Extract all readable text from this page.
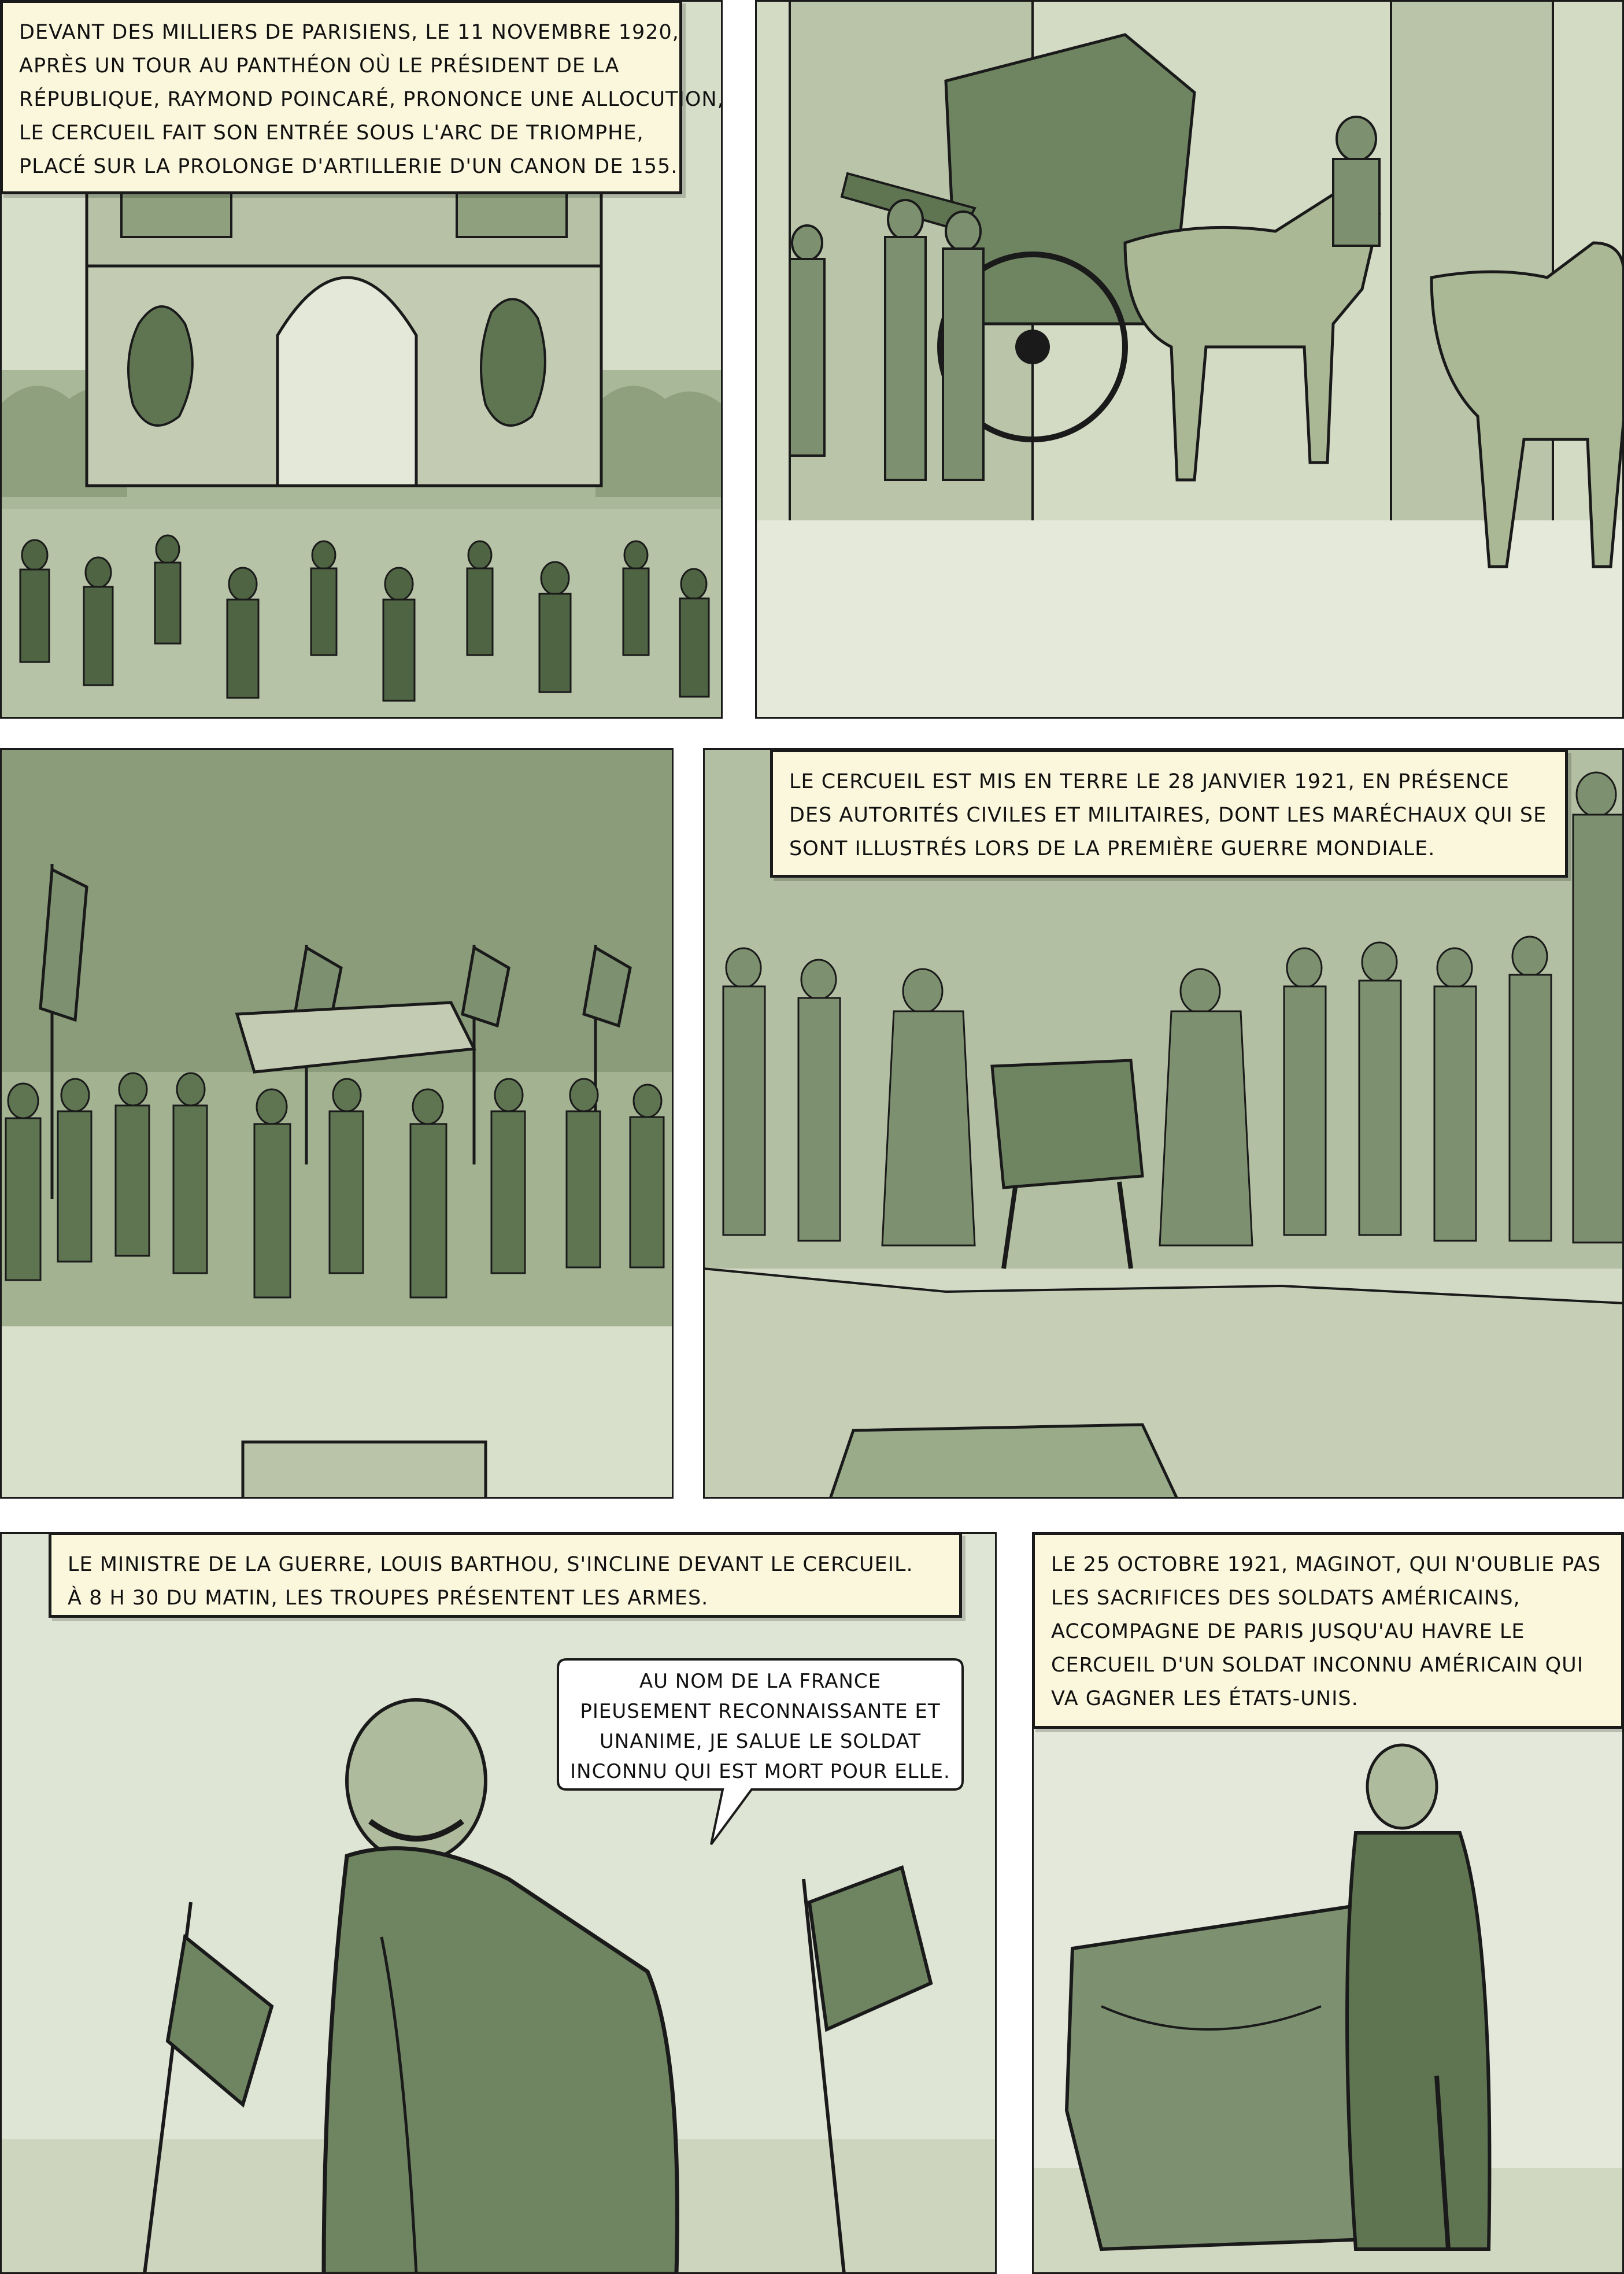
DEVANT DES MILLIERS DE PARISIENS, LE 11 NOVEMBRE 1920,
APRÈS UN TOUR AU PANTHÉON OÙ LE PRÉSIDENT DE LA
RÉPUBLIQUE, RAYMOND POINCARÉ, PRONONCE UNE ALLOCUTION,
LE CERCUEIL FAIT SON ENTRÉE SOUS L'ARC DE TRIOMPHE,
PLACÉ SUR LA PROLONGE D'ARTILLERIE D'UN CANON DE 155.
LE CERCUEIL EST MIS EN TERRE LE 28 JANVIER 1921, EN PRÉSENCE
DES AUTORITÉS CIVILES ET MILITAIRES, DONT LES MARÉCHAUX QUI SE
SONT ILLUSTRÉS LORS DE LA PREMIÈRE GUERRE MONDIALE.
LE MINISTRE DE LA GUERRE, LOUIS BARTHOU, S'INCLINE DEVANT LE CERCUEIL.
À 8 H 30 DU MATIN, LES TROUPES PRÉSENTENT LES ARMES.
AU NOM DE LA FRANCE
PIEUSEMENT RECONNAISSANTE ET
UNANIME, JE SALUE LE SOLDAT
INCONNU QUI EST MORT POUR ELLE.
LE 25 OCTOBRE 1921, MAGINOT, QUI N'OUBLIE PAS
LES SACRIFICES DES SOLDATS AMÉRICAINS,
ACCOMPAGNE DE PARIS JUSQU'AU HAVRE LE
CERCUEIL D'UN SOLDAT INCONNU AMÉRICAIN QUI
VA GAGNER LES ÉTATS-UNIS.
